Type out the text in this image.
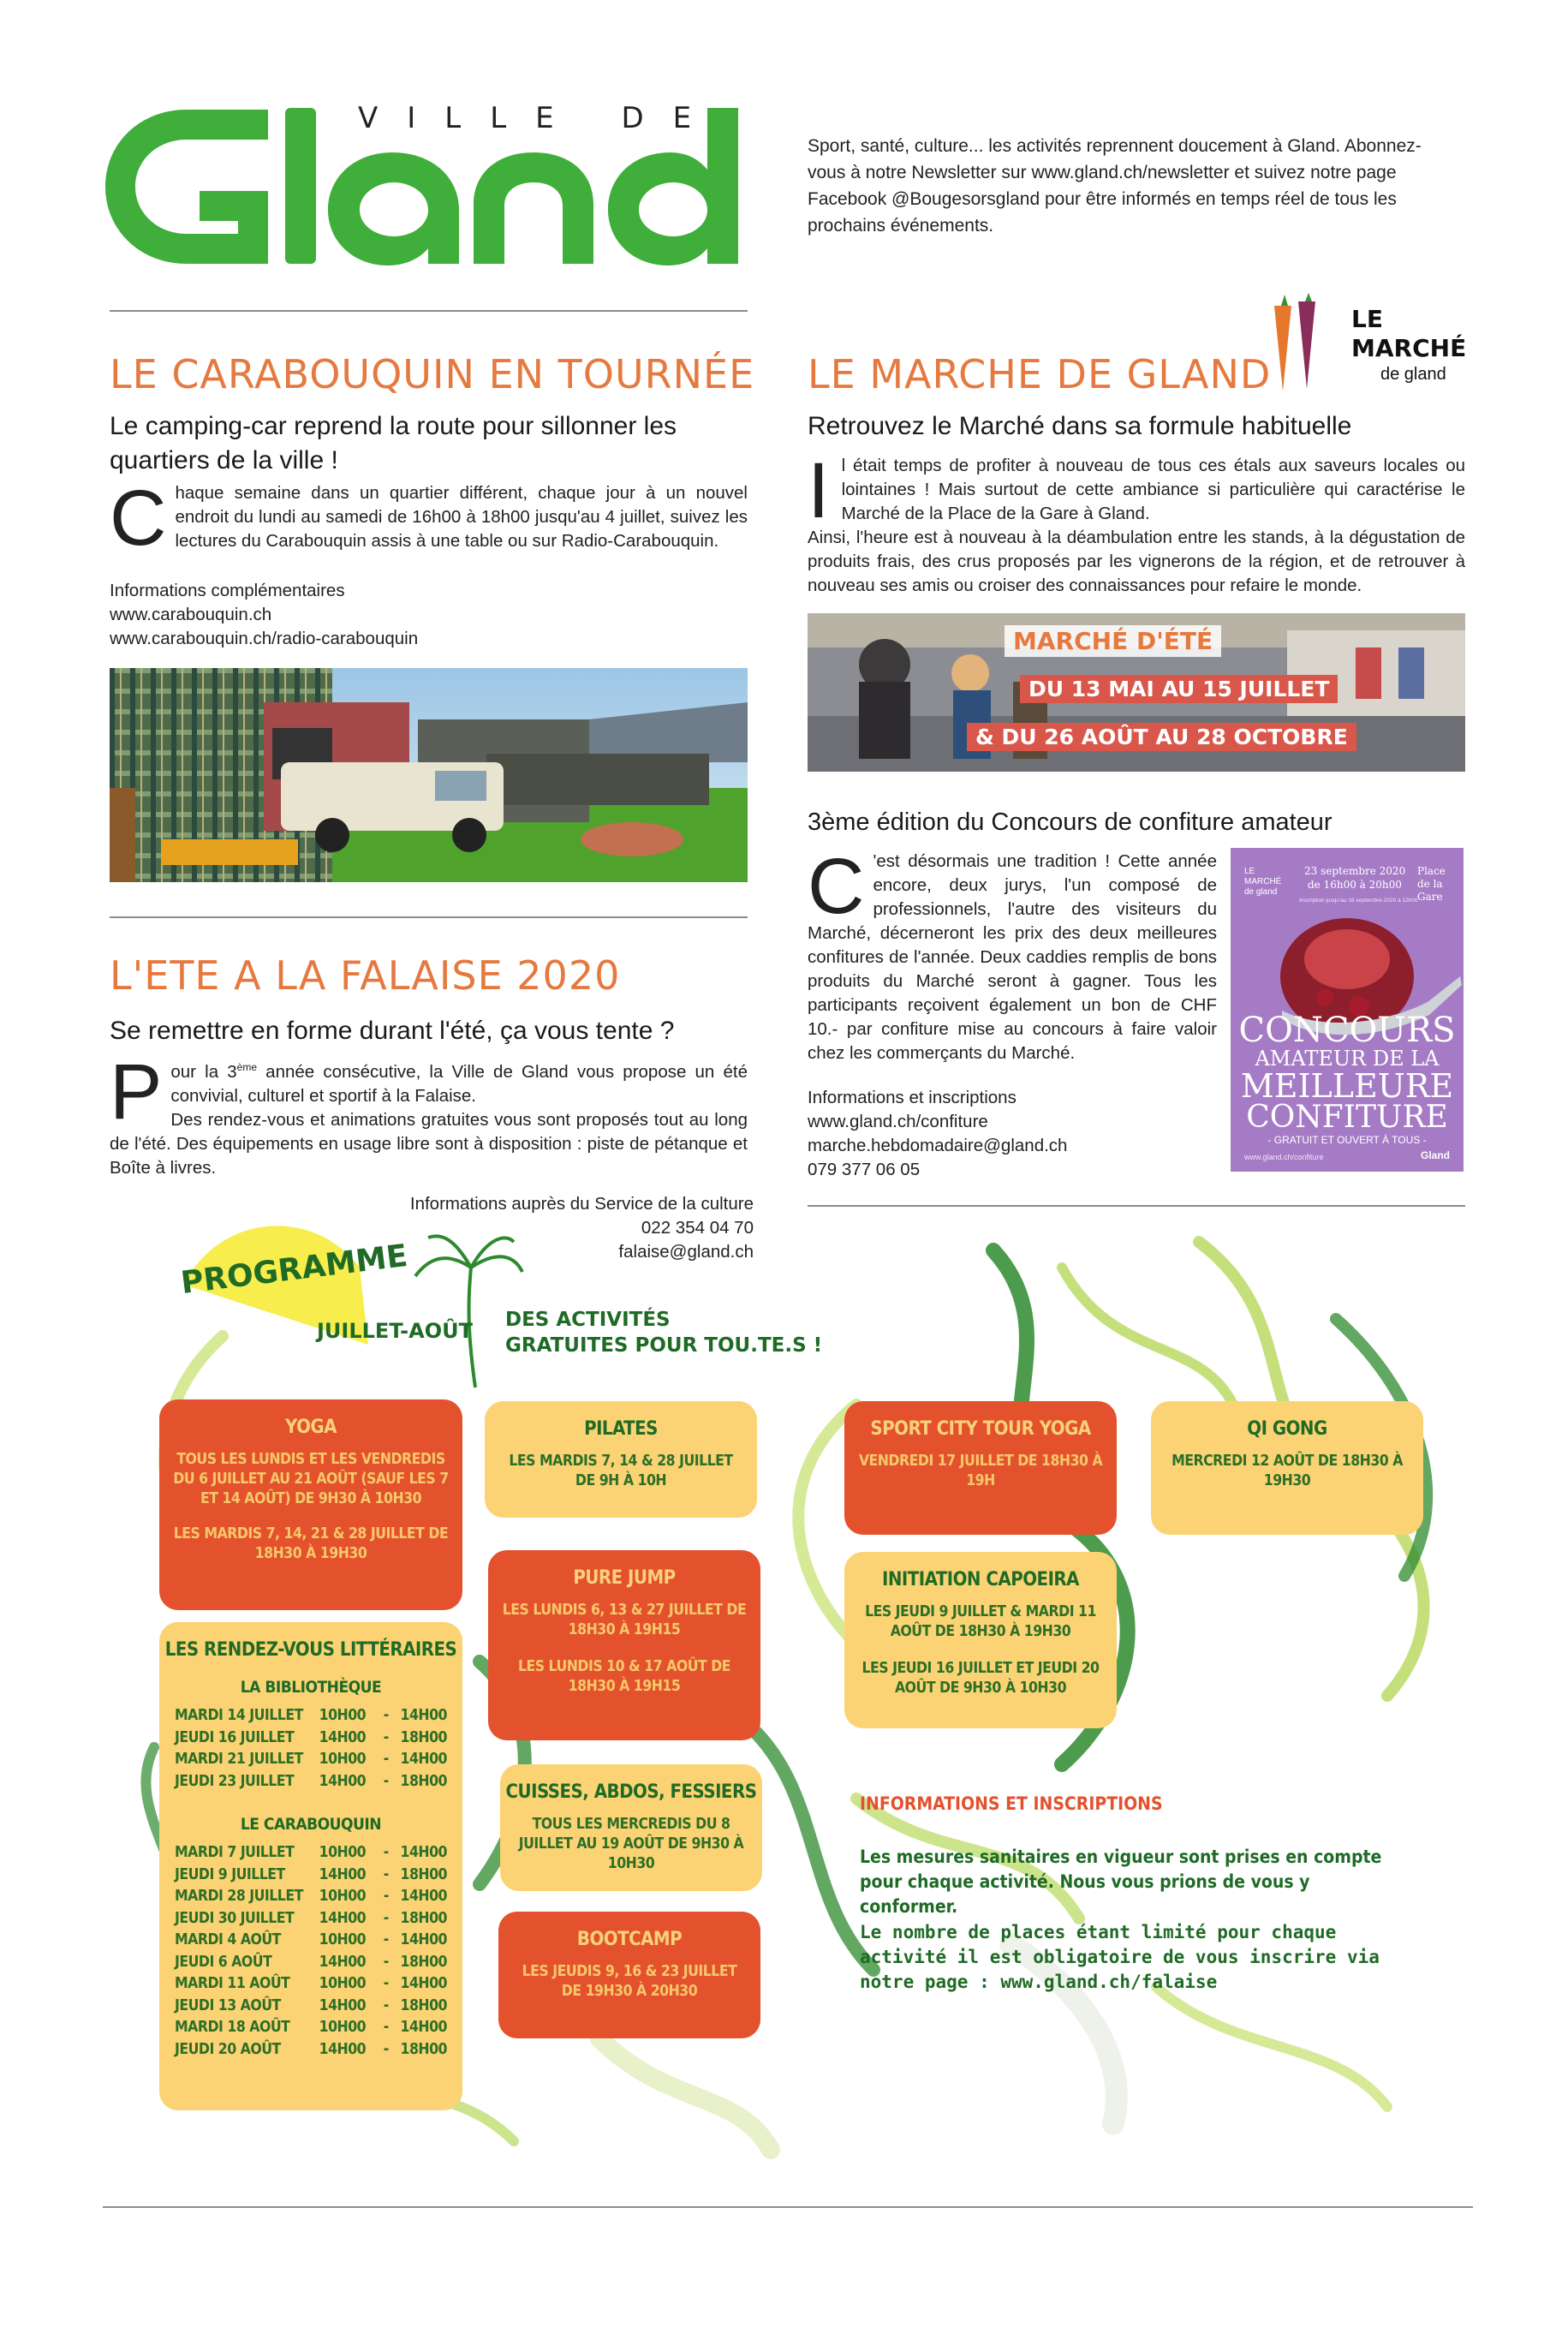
VILLE DE
Sport, santé, culture... les activités reprennent doucement à Gland. Abonnez-vous à notre Newsletter sur www.gland.ch/newsletter et suivez notre page Facebook @Bougesorsgland pour être informés en temps réel de tous les prochains événements.
LE CARABOUQUIN EN TOURNÉE
Le camping-car reprend la route pour sillonner les quartiers de la ville !
Chaque semaine dans un quartier différent, chaque jour à un nouvel endroit du lundi au samedi de 16h00 à 18h00 jusqu'au 4 juillet, suivez les lectures du Carabouquin assis à une table ou sur Radio-Carabouquin.
Informations complémentaires
www.carabouquin.ch
www.carabouquin.ch/radio-carabouquin
L'ETE A LA FALAISE 2020
Se remettre en forme durant l'été, ça vous tente ?
Pour la 3ème année consécutive, la Ville de Gland vous propose un été convivial, culturel et sportif à la Falaise.
Des rendez-vous et animations gratuites vous sont proposés tout au long de l'été. Des équipements en usage libre sont à disposition : piste de pétanque et Boîte à livres.
Informations auprès du Service de la culture
022 354 04 70
falaise@gland.ch
LE MARCHE DE GLAND
LE
MARCHÉ
de gland
Retrouvez le Marché dans sa formule habituelle
Il était temps de profiter à nouveau de tous ces étals aux saveurs locales ou lointaines ! Mais surtout de cette ambiance si particulière qui caractérise le Marché de la Place de la Gare à Gland.
Ainsi, l'heure est à nouveau à la déambulation entre les stands, à la dégustation de produits frais, des crus proposés par les vignerons de la région, et de retrouver à nouveau ses amis ou croiser des connaissances pour refaire le monde.
MARCHÉ D'ÉTÉ
DU 13 MAI AU 15 JUILLET
& DU 26 AOÛT AU 28 OCTOBRE
3ème édition du Concours de confiture amateur
C 'est désormais une tradition ! Cette année encore, deux jurys, l'un composé de professionnels, l'autre des visiteurs du Marché, décerneront les prix des deux meilleures confitures de l'année. Deux caddies remplis de bons produits du Marché seront à gagner. Tous les participants reçoivent également un bon de CHF 10.- par confiture mise au concours à faire valoir chez les commerçants du Marché.
Informations et inscriptions
www.gland.ch/confiture
marche.hebdomadaire@gland.ch
079 377 06 05
LE MARCHÉ de gland
23 septembre 2020
de 16h00 à 20h00
Place de la Gare
Inscription jusqu'au 16 septembre 2020 à 12h00
CONCOURS
AMATEUR DE LA
MEILLEURE
CONFITURE
- GRATUIT ET OUVERT À TOUS -
www.gland.ch/confiture	Gland
PROGRAMME
JUILLET-AOÛT DES ACTIVITÉS
GRATUITES POUR TOU.TE.S !
YOGA
TOUS LES LUNDIS ET LES VENDREDIS DU 6 JUILLET AU 21 AOÛT (SAUF LES 7 ET 14 AOÛT) DE 9H30 À 10H30
LES MARDIS 7, 14, 21 & 28 JUILLET DE 18H30 À 19H30
PILATES
LES MARDIS 7, 14 & 28 JUILLET DE 9H À 10H
SPORT CITY TOUR YOGA
VENDREDI 17 JUILLET DE 18H30 À 19H
QI GONG
MERCREDI 12 AOÛT DE 18H30 À 19H30
PURE JUMP
LES LUNDIS 6, 13 & 27 JUILLET DE 18H30 À 19H15
LES LUNDIS 10 & 17 AOÛT DE 18H30 À 19H15
INITIATION CAPOEIRA
LES JEUDI 9 JUILLET & MARDI 11 AOÛT DE 18H30 À 19H30
LES JEUDI 16 JUILLET ET JEUDI 20 AOÛT DE 9H30 À 10H30
CUISSES, ABDOS, FESSIERS
TOUS LES MERCREDIS DU 8 JUILLET AU 19 AOÛT DE 9H30 À 10H30
BOOTCAMP
LES JEUDIS 9, 16 & 23 JUILLET DE 19H30 À 20H30
LES RENDEZ-VOUS LITTÉRAIRES
LA BIBLIOTHÈQUE
MARDI 14 JUILLET	10H00	- 14H00
JEUDI 16 JUILLET	14H00	- 18H00
MARDI 21 JUILLET	10H00	- 14H00
JEUDI 23 JUILLET	14H00	- 18H00
LE CARABOUQUIN
MARDI 7 JUILLET	10H00	- 14H00
JEUDI 9 JUILLET	14H00	- 18H00
MARDI 28 JUILLET	10H00	- 14H00
JEUDI 30 JUILLET	14H00	- 18H00
MARDI 4 AOÛT	10H00	- 14H00
JEUDI 6 AOÛT	14H00	- 18H00
MARDI 11 AOÛT	10H00	- 14H00
JEUDI 13 AOÛT	14H00	- 18H00
MARDI 18 AOÛT	10H00	- 14H00
JEUDI 20 AOÛT	14H00	- 18H00
INFORMATIONS ET INSCRIPTIONS
Les mesures sanitaires en vigueur sont prises en compte pour chaque activité. Nous vous prions de vous y conformer.
Le nombre de places étant limité pour chaque activité il est obligatoire de vous inscrire via notre page : www.gland.ch/falaise
